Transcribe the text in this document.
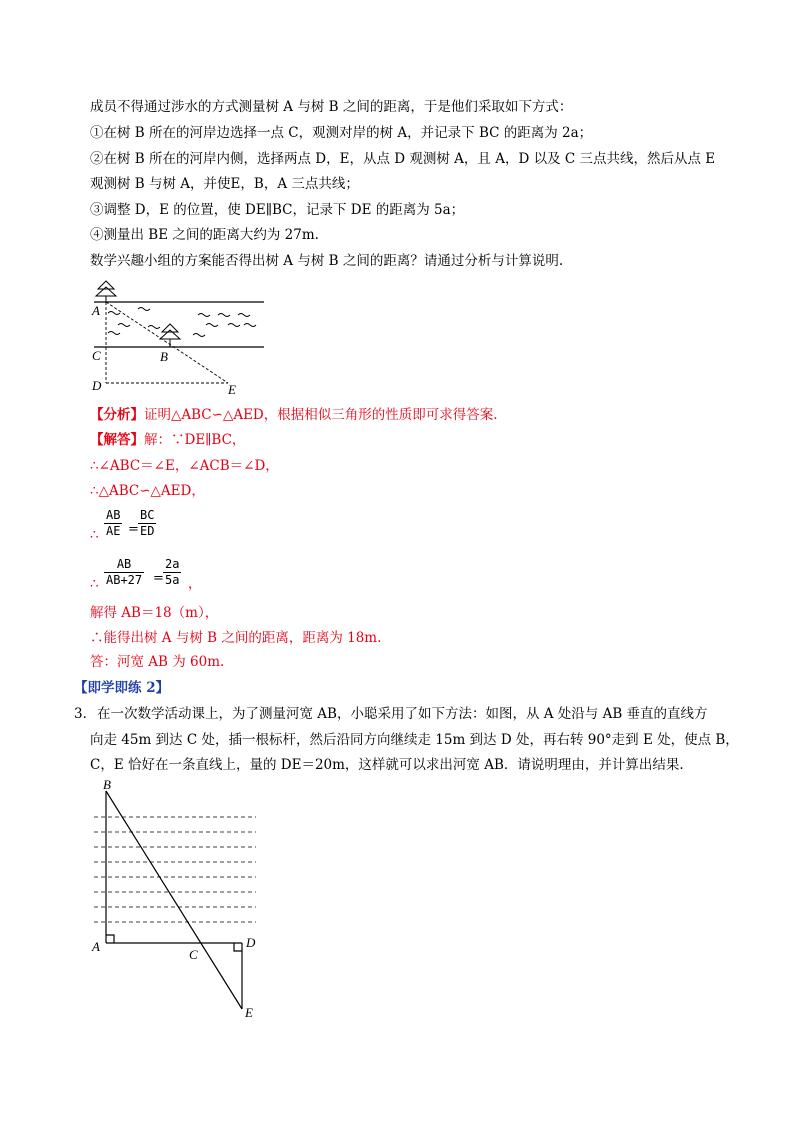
成员不得通过涉水的方式测量树 A 与树 B 之间的距离，于是他们采取如下方式：
①在树 B 所在的河岸边选择一点 C，观测对岸的树 A，并记录下 BC 的距离为 2a；
②在树 B 所在的河岸内侧，选择两点 D，E，从点 D 观测树 A，且 A，D 以及 C 三点共线，然后从点 E
观测树 B 与树 A，并使E，B，A 三点共线；
③调整 D，E 的位置，使 DE∥BC，记录下 DE 的距离为 5a；
④测量出 BE 之间的距离大约为 27m.
数学兴趣小组的方案能否得出树 A 与树 B 之间的距离？请通过分析与计算说明.
A
C	B
D	E
【分析】证明△ABC∽△AED，根据相似三角形的性质即可求得答案.
【解答】解：∵DE∥BC，
∴∠ABC＝∠E，∠ACB＝∠D，
∴△ABC∽△AED，
∴ $\frac{AB}{AE} = \frac{BC}{ED}$
∴ $\frac{AB}{AB+27} = \frac{2a}{5a}$ ，
解得 AB＝18（m），
∴能得出树 A 与树 B 之间的距离，距离为 18m.
答：河宽 AB 为 60m.
【即学即练 2】
3． 在一次数学活动课上，为了测量河宽 AB，小聪采用了如下方法：如图，从 A 处沿与 AB 垂直的直线方
向走 45m 到达 C 处，插一根标杆，然后沿同方向继续走 15m 到达 D 处，再右转 90°走到 E 处，使点 B，
C，E 恰好在一条直线上，量的 DE＝20m，这样就可以求出河宽 AB．请说明理由，并计算出结果.
B
A
C
D
E
